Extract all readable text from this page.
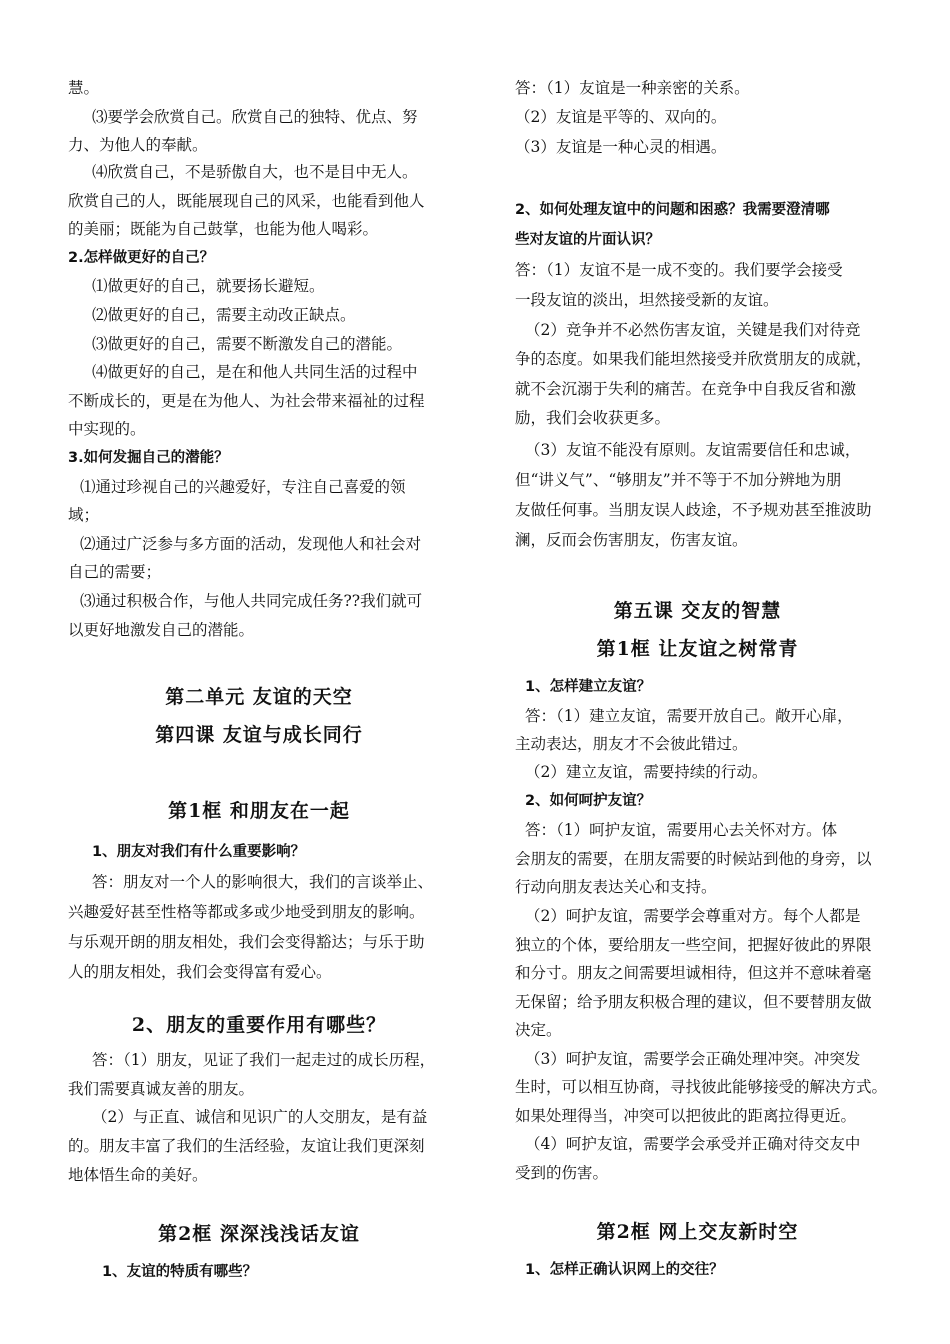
慧。
⑶要学会欣赏自己。欣赏自己的独特、优点、努
力、为他人的奉献。
⑷欣赏自己，不是骄傲自大，也不是目中无人。
欣赏自己的人，既能展现自己的风采，也能看到他人
的美丽；既能为自己鼓掌，也能为他人喝彩。
2.怎样做更好的自己？
⑴做更好的自己，就要扬长避短。
⑵做更好的自己，需要主动改正缺点。
⑶做更好的自己，需要不断激发自己的潜能。
⑷做更好的自己，是在和他人共同生活的过程中
不断成长的，更是在为他人、为社会带来福祉的过程
中实现的。
3.如何发掘自己的潜能？
⑴通过珍视自己的兴趣爱好，专注自己喜爱的领
域；
⑵通过广泛参与多方面的活动，发现他人和社会对
自己的需要；
⑶通过积极合作，与他人共同完成任务??我们就可
以更好地激发自己的潜能。
第二单元 友谊的天空
第四课 友谊与成长同行
第1框 和朋友在一起
1、朋友对我们有什么重要影响？
答：朋友对一个人的影响很大，我们的言谈举止、
兴趣爱好甚至性格等都或多或少地受到朋友的影响。
与乐观开朗的朋友相处，我们会变得豁达；与乐于助
人的朋友相处，我们会变得富有爱心。
2、朋友的重要作用有哪些？
答：（1）朋友，见证了我们一起走过的成长历程，
我们需要真诚友善的朋友。
（2）与正直、诚信和见识广的人交朋友，是有益
的。朋友丰富了我们的生活经验，友谊让我们更深刻
地体悟生命的美好。
第2框 深深浅浅话友谊
1、友谊的特质有哪些？
答：（1）友谊是一种亲密的关系。
（2）友谊是平等的、双向的。
（3）友谊是一种心灵的相遇。
2、如何处理友谊中的问题和困惑？我需要澄清哪
些对友谊的片面认识？
答：（1）友谊不是一成不变的。我们要学会接受
一段友谊的淡出，坦然接受新的友谊。
（2）竞争并不必然伤害友谊，关键是我们对待竞
争的态度。如果我们能坦然接受并欣赏朋友的成就，
就不会沉溺于失利的痛苦。在竞争中自我反省和激
励，我们会收获更多。
（3）友谊不能没有原则。友谊需要信任和忠诚，
但“讲义气”、“够朋友”并不等于不加分辨地为朋
友做任何事。当朋友误人歧途，不予规劝甚至推波助
澜，反而会伤害朋友，伤害友谊。
第五课 交友的智慧
第1框 让友谊之树常青
1、怎样建立友谊？
答：（1）建立友谊，需要开放自己。敞开心扉，
主动表达，朋友才不会彼此错过。
（2）建立友谊，需要持续的行动。
2、如何呵护友谊？
答：（1）呵护友谊，需要用心去关怀对方。体
会朋友的需要，在朋友需要的时候站到他的身旁，以
行动向朋友表达关心和支持。
（2）呵护友谊，需要学会尊重对方。每个人都是
独立的个体，要给朋友一些空间，把握好彼此的界限
和分寸。朋友之间需要坦诚相待，但这并不意味着毫
无保留；给予朋友积极合理的建议，但不要替朋友做
决定。
（3）呵护友谊，需要学会正确处理冲突。冲突发
生时，可以相互协商，寻找彼此能够接受的解决方式。
如果处理得当，冲突可以把彼此的距离拉得更近。
（4）呵护友谊，需要学会承受并正确对待交友中
受到的伤害。
第2框 网上交友新时空
1、怎样正确认识网上的交往？
